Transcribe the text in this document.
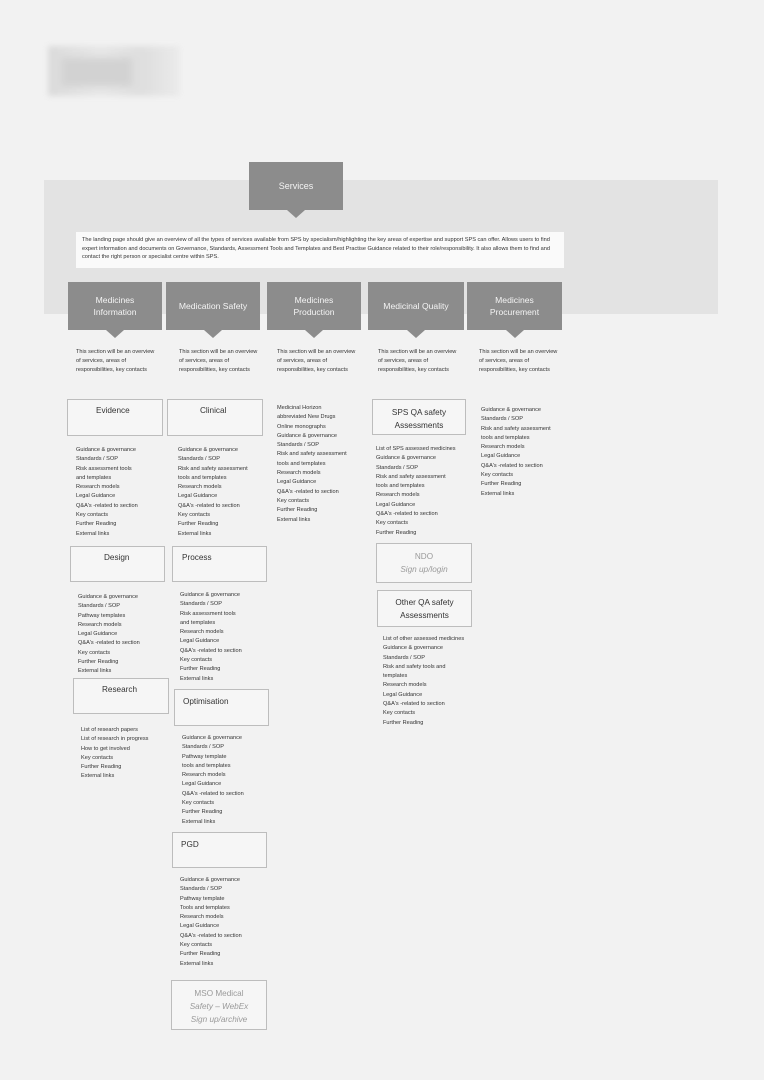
Services
The landing page should give an overview of all the types of services available from SPS by specialism/highlighting the key areas of expertise and support SPS can offer. Allows users to find expert information and documents on Governance, Standards, Assessment Tools and Templates and Best Practise Guidance related to their role/responsibility. It also allows them to find and contact the right person or specialist centre within SPS.
Medicines Information
Medication Safety
Medicines Production
Medicinal Quality
Medicines Procurement
This section will be an overview of services, areas of responsibilities, key contacts
This section will be an overview of services, areas of responsibilities, key contacts
This section will be an overview of services, areas of responsibilities, key contacts
This section will be an overview of services, areas of responsibilities, key contacts
This section will be an overview of services, areas of responsibilities, key contacts
Evidence
Guidance & governance
Standards / SOP
Risk assessment tools
and templates
Research models
Legal Guidance
Q&A's -related to section
Key contacts
Further Reading
External links
Design
Guidance & governance
Standards / SOP
Pathway templates
Research models
Legal Guidance
Q&A's -related to section
Key contacts
Further Reading
External links
Research
List of research papers
List of research in progress
How to get involved
Key contacts
Further Reading
External links
Clinical
Guidance & governance
Standards / SOP
Risk and safety assessment
tools and templates
Research models
Legal Guidance
Q&A's -related to section
Key contacts
Further Reading
External links
Process
Guidance & governance
Standards / SOP
Risk assessment tools
and templates
Research models
Legal Guidance
Q&A's -related to section
Key contacts
Further Reading
External links
Optimisation
Guidance & governance
Standards / SOP
Pathway template
tools and templates
Research models
Legal Guidance
Q&A's -related to section
Key contacts
Further Reading
External links
PGD
Guidance & governance
Standards / SOP
Pathway template
Tools and templates
Research models
Legal Guidance
Q&A's -related to section
Key contacts
Further Reading
External links
MSO Medical
Safety – WebEx
Sign up/archive
Medicinal Horizon
abbreviated New Drugs
Online monographs
Guidance & governance
Standards / SOP
Risk and safety assessment
tools and templates
Research models
Legal Guidance
Q&A's -related to section
Key contacts
Further Reading
External links
SPS QA safety
Assessments
List of SPS assessed medicines
Guidance & governance
Standards / SOP
Risk and safety assessment
tools and templates
Research models
Legal Guidance
Q&A's -related to section
Key contacts
Further Reading
NDO
Sign up/login
Other QA safety
Assessments
List of other assessed medicines
Guidance & governance
Standards / SOP
Risk and safety tools and
templates
Research models
Legal Guidance
Q&A's -related to section
Key contacts
Further Reading
Guidance & governance
Standards / SOP
Risk and safety assessment
tools and templates
Research models
Legal Guidance
Q&A's -related to section
Key contacts
Further Reading
External links
